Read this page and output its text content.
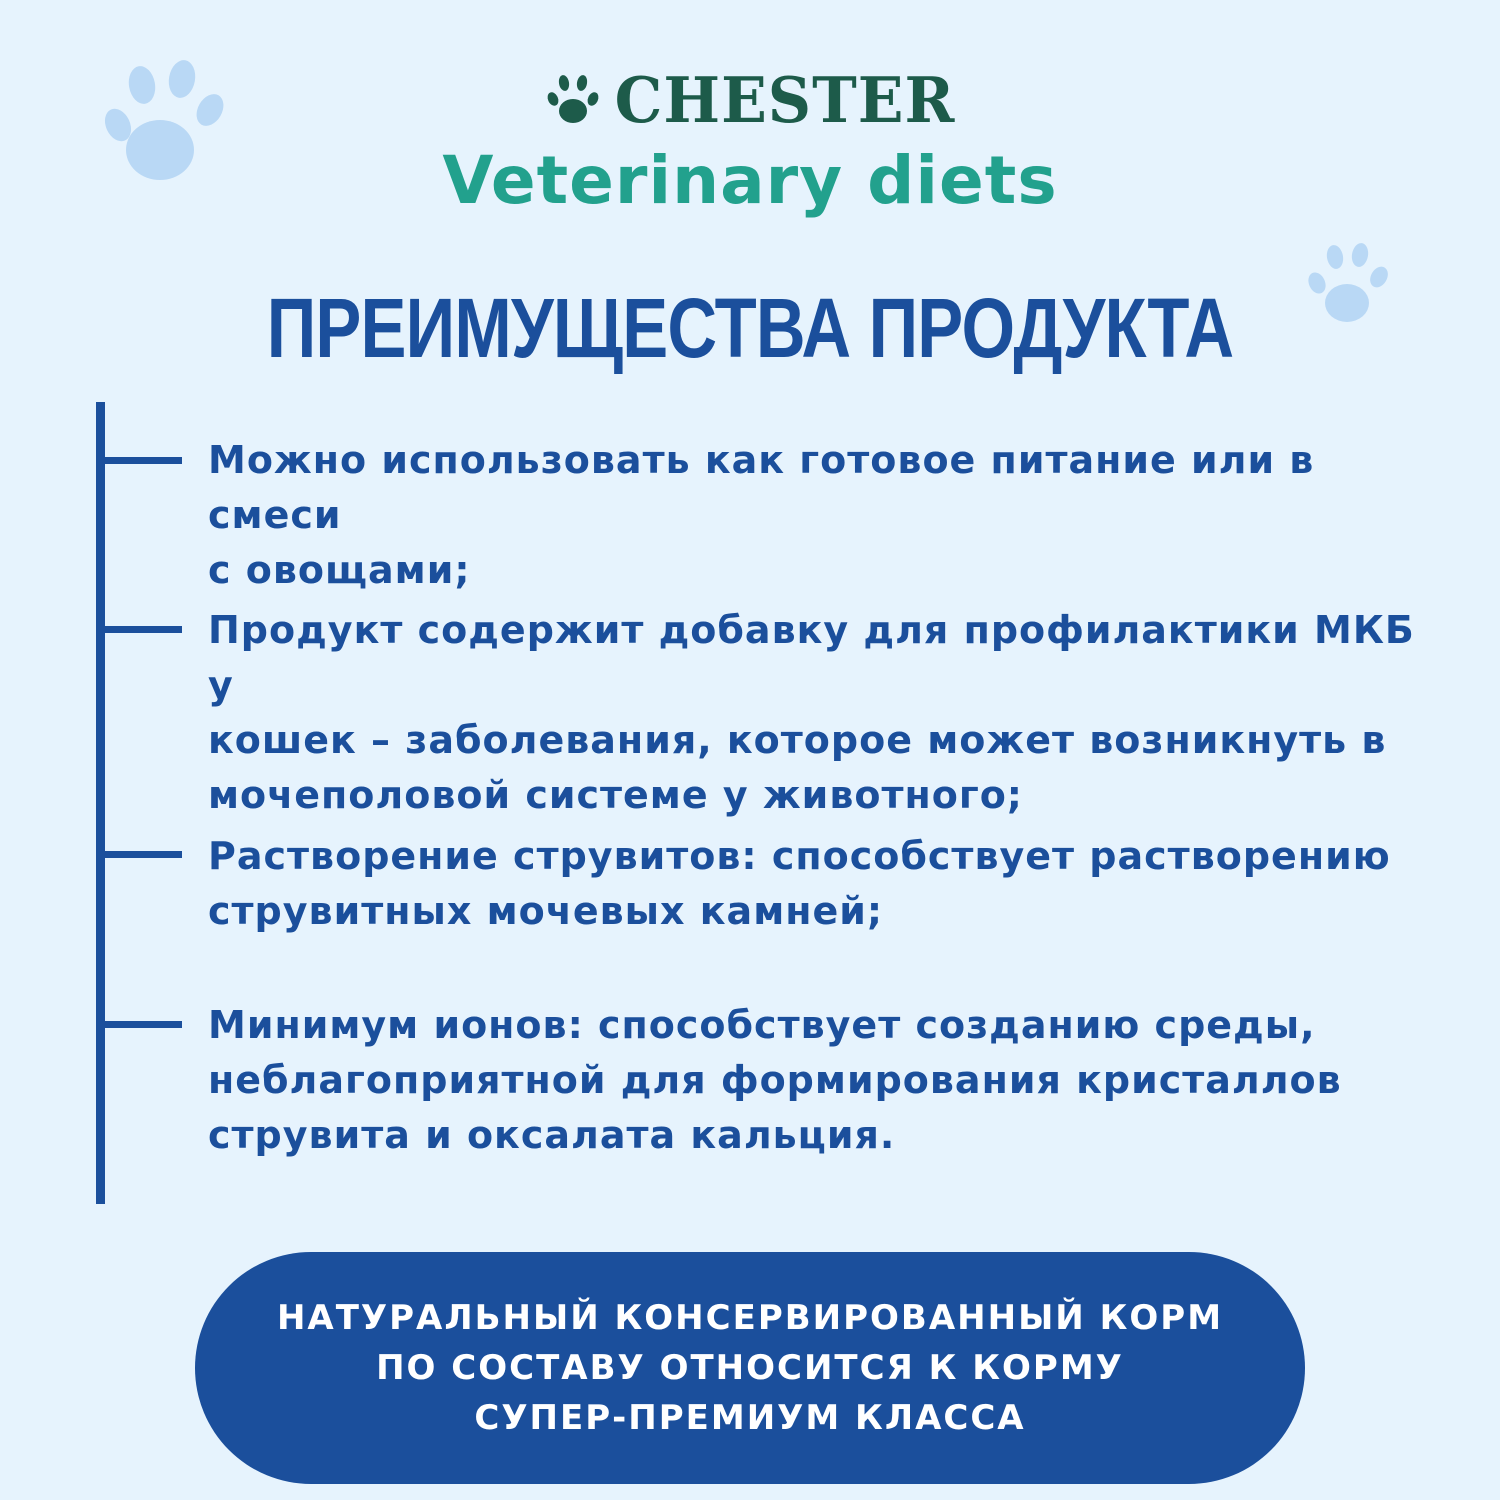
CHESTER
Veterinary diets
ПРЕИМУЩЕСТВА ПРОДУКТА
Можно использовать как готовое питание или в смеси
с овощами;
Продукт содержит добавку для профилактики МКБ у
кошек – заболевания, которое может возникнуть в
мочеполовой системе у животного;
Растворение струвитов: способствует растворению
струвитных мочевых камней;
Минимум ионов: способствует созданию среды,
неблагоприятной для формирования кристаллов
струвита и оксалата кальция.
НАТУРАЛЬНЫЙ КОНСЕРВИРОВАННЫЙ КОРМ
ПО СОСТАВУ ОТНОСИТСЯ К КОРМУ
СУПЕР-ПРЕМИУМ КЛАССА
